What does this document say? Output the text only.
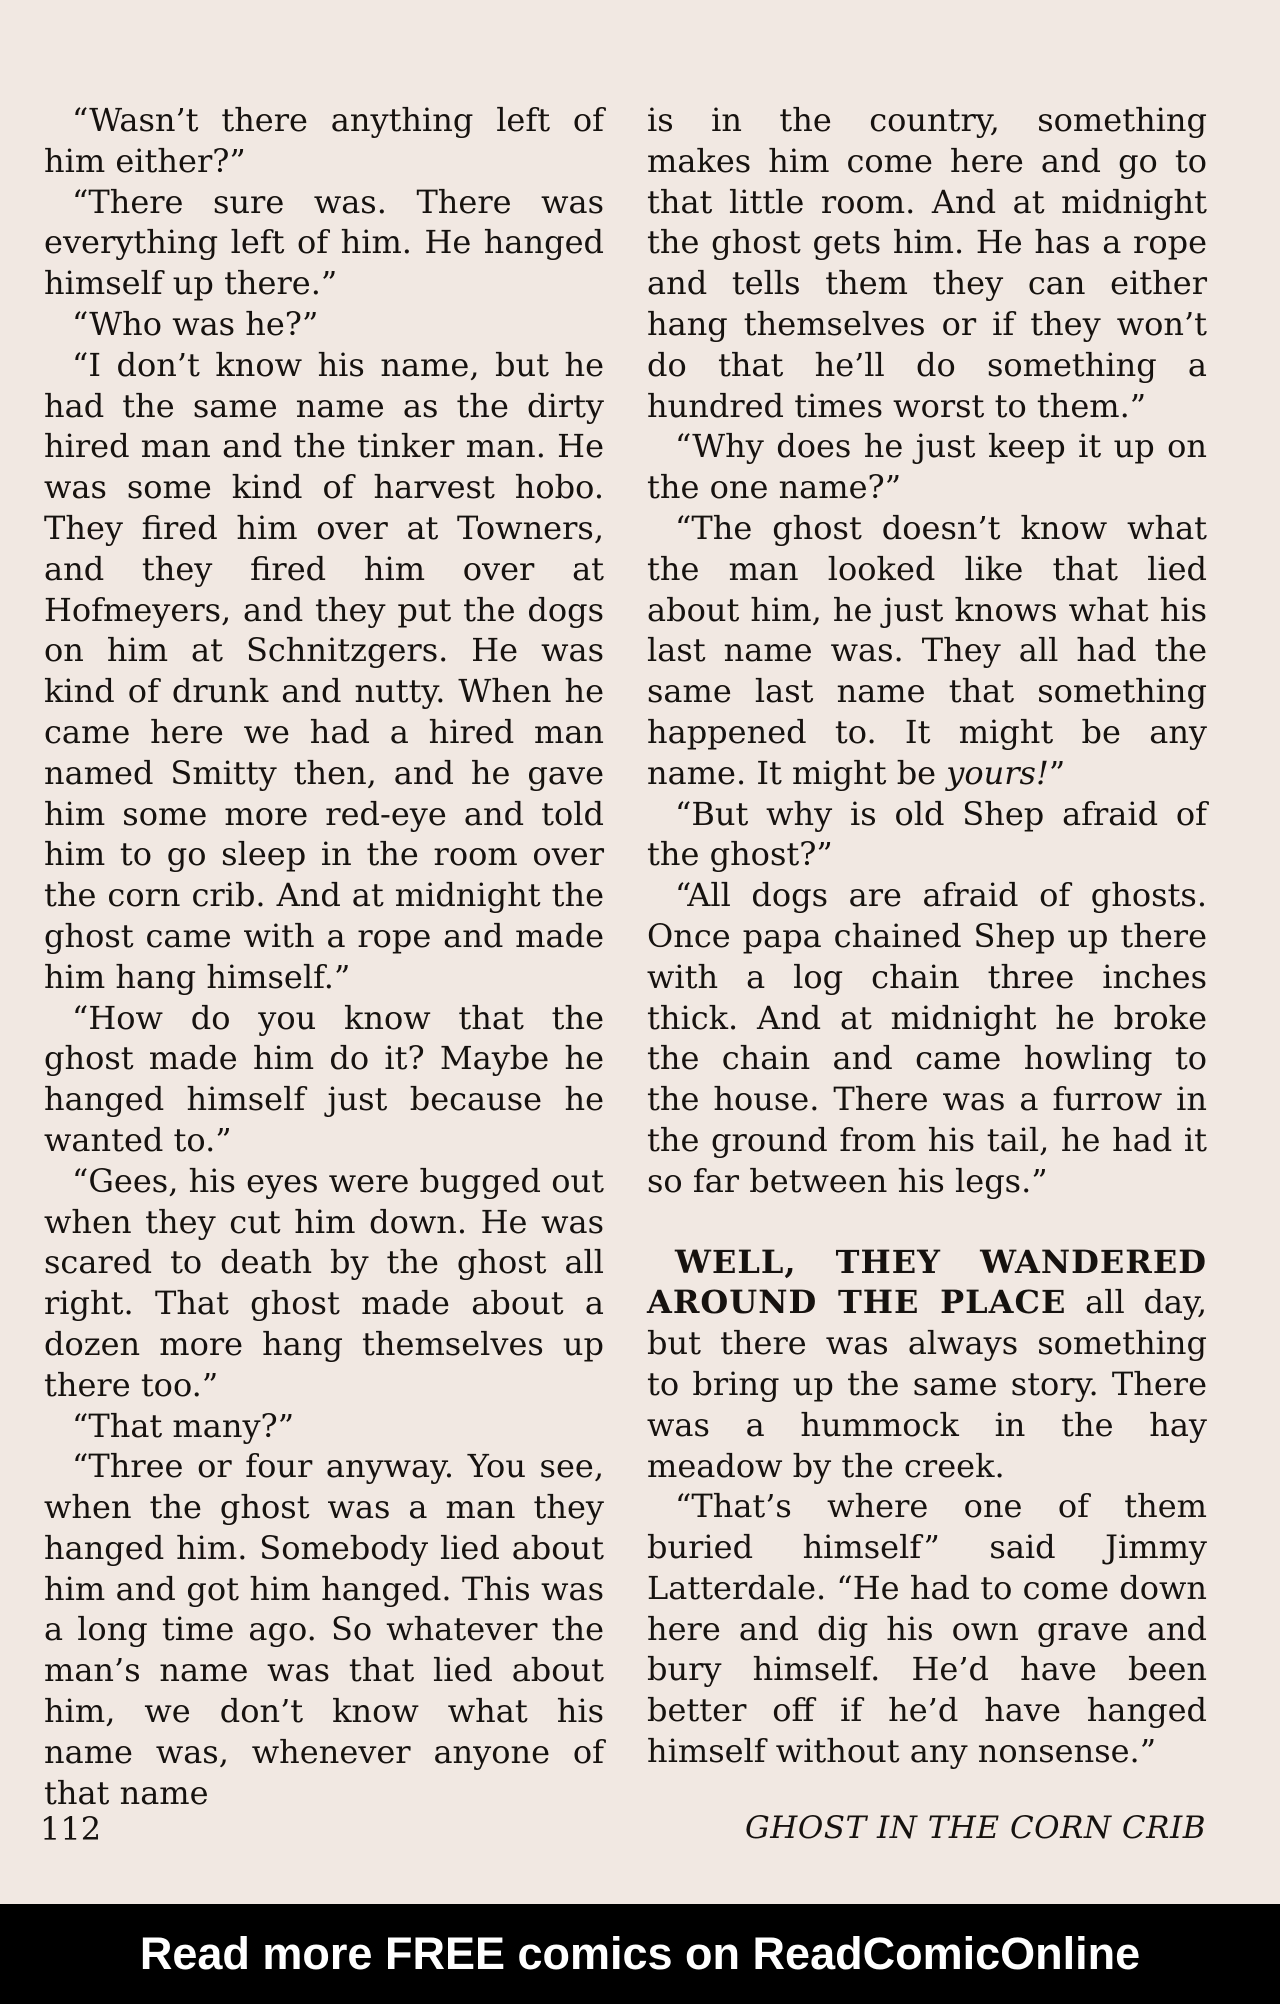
“Wasn’t there anything left of him either?”

“There sure was. There was everything left of him. He hanged himself up there.”

“Who was he?”

“I don’t know his name, but he had the same name as the dirty hired man and the tinker man. He was some kind of harvest hobo. They fired him over at Towners, and they fired him over at Hofmeyers, and they put the dogs on him at Schnitzgers. He was kind of drunk and nutty. When he came here we had a hired man named Smitty then, and he gave him some more red-eye and told him to go sleep in the room over the corn crib. And at midnight the ghost came with a rope and made him hang himself.”

“How do you know that the ghost made him do it? Maybe he hanged himself just because he wanted to.”

“Gees, his eyes were bugged out when they cut him down. He was scared to death by the ghost all right. That ghost made about a dozen more hang themselves up there too.”

“That many?”

“Three or four anyway. You see, when the ghost was a man they hanged him. Somebody lied about him and got him hanged. This was a long time ago. So whatever the man’s name was that lied about him, we don’t know what his name was, whenever anyone of that name

is in the country, something makes him come here and go to that little room. And at midnight the ghost gets him. He has a rope and tells them they can either hang themselves or if they won’t do that he’ll do something a hundred times worst to them.”

“Why does he just keep it up on the one name?”

“The ghost doesn’t know what the man looked like that lied about him, he just knows what his last name was. They all had the same last name that something happened to. It might be any name. It might be yours!”

“But why is old Shep afraid of the ghost?”

“All dogs are afraid of ghosts. Once papa chained Shep up there with a log chain three inches thick. And at midnight he broke the chain and came howling to the house. There was a furrow in the ground from his tail, he had it so far between his legs.”

WELL, THEY WANDERED AROUND THE PLACE all day, but there was always something to bring up the same story. There was a hummock in the hay meadow by the creek.

“That’s where one of them buried himself” said Jimmy Latterdale. “He had to come down here and dig his own grave and bury himself. He’d have been better off if he’d have hanged himself without any nonsense.”

112	GHOST IN THE CORN CRIB
Read more FREE comics on ReadComicOnline
